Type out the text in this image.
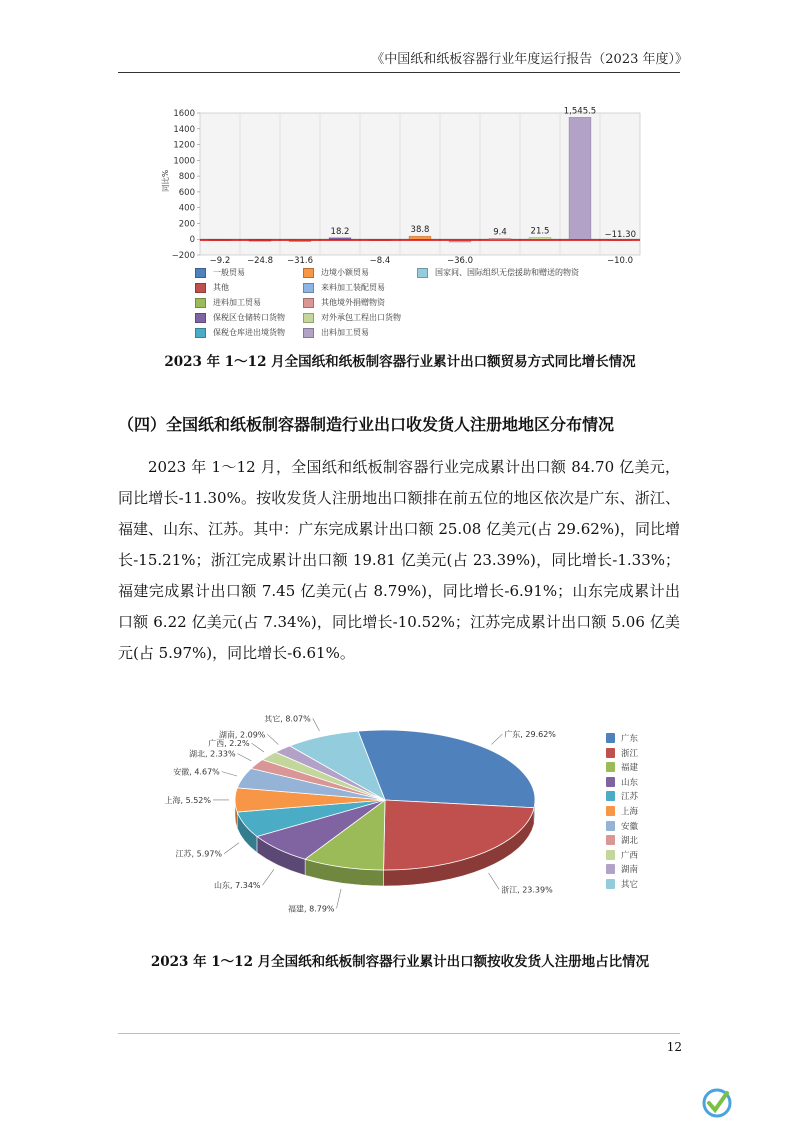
《中国纸和纸板容器行业年度运行报告（2023 年度）》
1600
1400
1200
1000
800
600
400
200
0
−200
同比%
−9.2 −24.8 −31.6
18.2
−8.4
38.8
−36.0
9.4	21.5
1,545.5
−10.0
−11.30
一般贸易	边境小额贸易	国家间、国际组织无偿援助和赠送的物资
其他	来料加工装配贸易
进料加工贸易	其他境外捐赠物资
保税区仓储转口货物	对外承包工程出口货物
保税仓库进出境货物	出料加工贸易
2023 年 1～12 月全国纸和纸板制容器行业累计出口额贸易方式同比增长情况
（四）全国纸和纸板制容器制造行业出口收发货人注册地地区分布情况
2023 年 1～12 月，全国纸和纸板制容器行业完成累计出口额 84.70 亿美元，同比增长-11.30%。按收发货人注册地出口额排在前五位的地区依次是广东、浙江、福建、山东、江苏。其中：广东完成累计出口额 25.08 亿美元(占 29.62%)，同比增长-15.21%；浙江完成累计出口额 19.81 亿美元(占 23.39%)，同比增长-1.33%；福建完成累计出口额 7.45 亿美元(占 8.79%)，同比增长-6.91%；山东完成累计出口额 6.22 亿美元(占 7.34%)，同比增长-10.52%；江苏完成累计出口额 5.06 亿美元(占 5.97%)，同比增长-6.61%。
广东, 29.62%
浙江, 23.39%
福建, 8.79%
山东, 7.34%
江苏, 5.97%
上海, 5.52%
安徽, 4.67%
湖北, 2.33%
广西, 2.2%
湖南, 2.09%
其它, 8.07%
广东
浙江
福建
山东
江苏
上海
安徽
湖北
广西
湖南
其它
2023 年 1～12 月全国纸和纸板制容器行业累计出口额按收发货人注册地占比情况
12
